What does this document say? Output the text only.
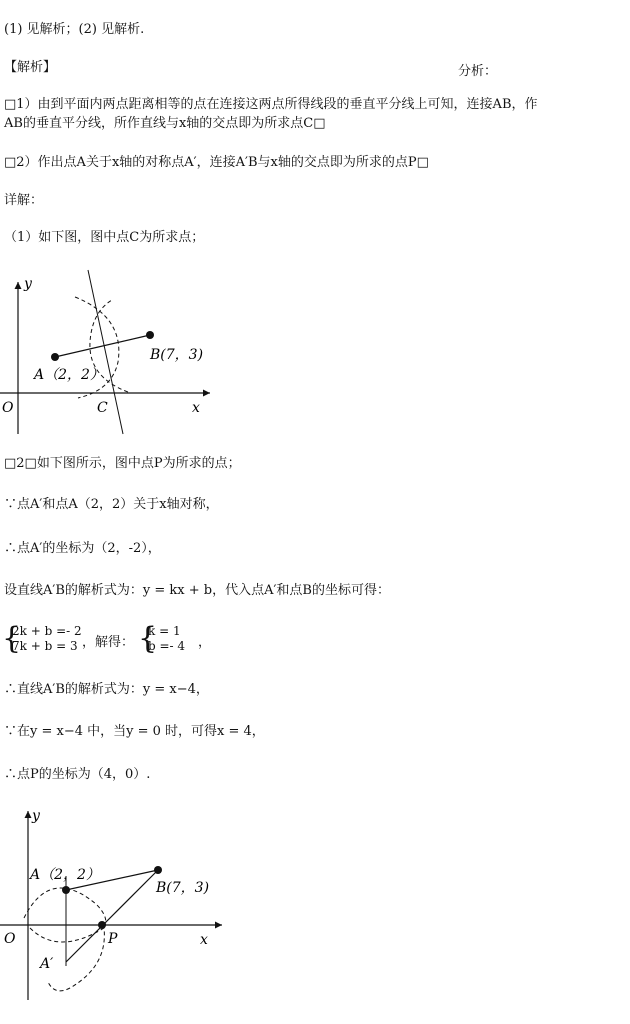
(1) 见解析；(2) 见解析.
【解析】	分析：
□1）由到平面内两点距离相等的点在连接这两点所得线段的垂直平分线上可知，连接AB，作
AB的垂直平分线，所作直线与x轴的交点即为所求点C□
□2）作出点A关于x轴的对称点A′，连接A′B与x轴的交点即为所求的点P□
详解：
（1）如下图，图中点C为所求点；
y
x
O
A（2，2）
B(7，3)
C
□2□如下图所示，图中点P为所求的点；
∵点A′和点A（2，2）关于x轴对称，
∴点A′的坐标为（2，-2），
设直线A′B的解析式为：y = kx + b，代入点A′和点B的坐标可得：
{
2k + b =- 2
7k + b = 3 ，解得： {
k = 1
b =- 4 ，
∴直线A′B的解析式为：y = x−4，
∵在y = x−4 中，当y = 0 时，可得x = 4，
∴点P的坐标为（4，0）.
y
x
O
A（2，2）
B(7，3)
P
A′
